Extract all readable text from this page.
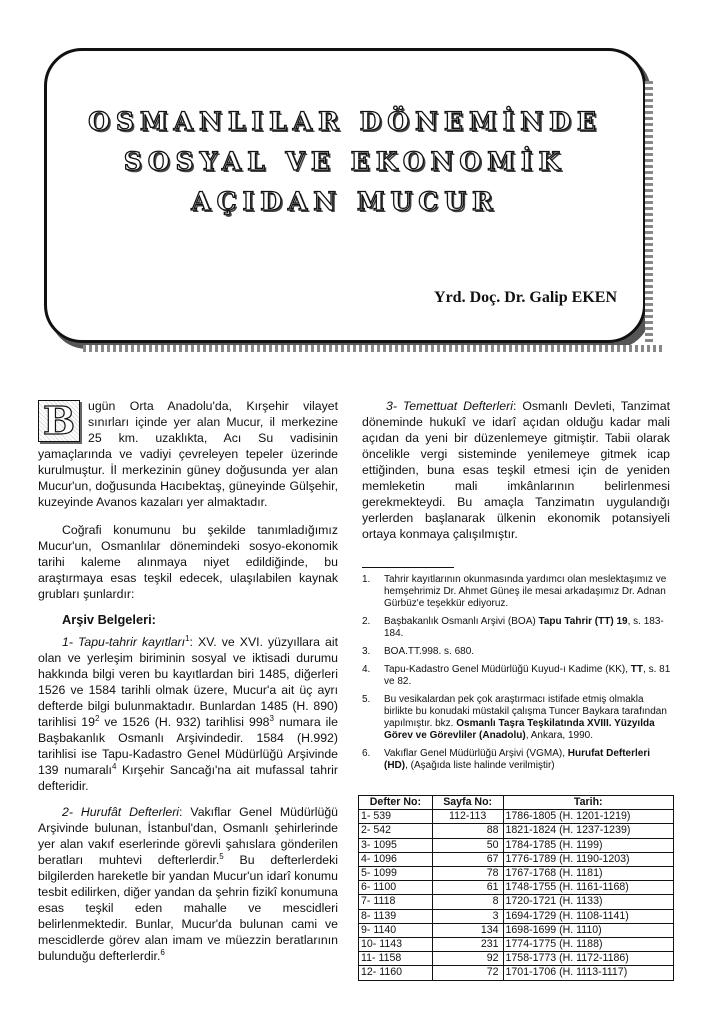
OSMANLILAR DÖNEMİNDE
SOSYAL VE EKONOMİK
AÇIDAN MUCUR
Yrd. Doç. Dr. Galip EKEN

B	ugün Orta Anadolu'da, Kırşehir vilayet sınırları içinde yer alan Mucur, il merkezine 25 km. uzaklıkta, Acı Su vadisinin yamaçlarında ve vadiyi çevreleyen tepeler üzerinde kurulmuştur. İl merkezinin güney doğusunda yer alan Mucur'un, doğusunda Hacıbektaş, güneyinde Gülşehir, kuzeyinde Avanos kazaları yer almaktadır.

Coğrafi konumunu bu şekilde tanımladığımız Mucur'un, Osmanlılar dönemindeki sosyo-ekonomik tarihi kaleme alınmaya niyet edildiğinde, bu araştırmaya esas teşkil edecek, ulaşılabilen kaynak grubları şunlardır:

Arşiv Belgeleri:

1- Tapu-tahrir kayıtları$^1$: XV. ve XVI. yüzyıllara ait olan ve yerleşim biriminin sosyal ve iktisadi durumu hakkında bilgi veren bu kayıtlardan biri 1485, diğerleri 1526 ve 1584 tarihli olmak üzere, Mucur'a ait üç ayrı defterde bilgi bulunmaktadır. Bunlardan 1485 (H. 890) tarihlisi $19^2$ ve 1526 (H. 932) tarihlisi $998^3$ numara ile Başbakanlık Osmanlı Arşivindedir. 1584 (H.992) tarihlisi ise Tapu-Kadastro Genel Müdürlüğü Arşivinde 139 numaralı$^4$ Kırşehir Sancağı'na ait mufassal tahrir defteridir.

2- Hurufât Defterleri: Vakıflar Genel Müdürlüğü Arşivinde bulunan, İstanbul'dan, Osmanlı şehirlerinde yer alan vakıf eserlerinde görevli şahıslara gönderilen beratları muhtevi defterlerdir.$^5$ Bu defterlerdeki bilgilerden hareketle bir yandan Mucur'un idarî konumu tesbit edilirken, diğer yandan da şehrin fizikî konumuna esas teşkil eden mahalle ve mescidleri belirlenmektedir. Bunlar, Mucur'da bulunan cami ve mescidlerde görev alan imam ve müezzin beratlarının bulunduğu defterlerdir.$^6$

3- Temettuat Defterleri: Osmanlı Devleti, Tanzimat döneminde hukukî ve idarî açıdan olduğu kadar mali açıdan da yeni bir düzenlemeye gitmiştir. Tabii olarak öncelikle vergi sisteminde yenilemeye gitmek icap ettiğinden, buna esas teşkil etmesi için de yeniden memleketin mali imkânlarının belirlenmesi gerekmekteydi. Bu amaçla Tanzimatın uygulandığı yerlerden başlanarak ülkenin ekonomik potansiyeli ortaya konmaya çalışılmıştır.

1.	Tahrir kayıtlarının okunmasında yardımcı olan meslektaşımız ve hemşehrimiz Dr. Ahmet Güneş ile mesai arkadaşımız Dr. Adnan Gürbüz'e teşekkür ediyoruz.
2.	Başbakanlık Osmanlı Arşivi (BOA) Tapu Tahrir (TT) 19, s. 183-184.
3.	BOA.TT.998. s. 680.
4.	Tapu-Kadastro Genel Müdürlüğü Kuyud-ı Kadime (KK), TT, s. 81 ve 82.
5.	Bu vesikalardan pek çok araştırmacı istifade etmiş olmakla birlikte bu konudaki müstakil çalışma Tuncer Baykara tarafından yapılmıştır. bkz. Osmanlı Taşra Teşkilatında XVIII. Yüzyılda Görev ve Görevliler (Anadolu), Ankara, 1990.
6.	Vakıflar Genel Müdürlüğü Arşivi (VGMA), Hurufat Defterleri (HD), (Aşağıda liste halinde verilmiştir)
Defter No:	Sayfa No:	Tarih:
1- 539	112-113	1786-1805 (H. 1201-1219)
2- 542	88	1821-1824 (H. 1237-1239)
3- 1095	50	1784-1785 (H. 1199)
4- 1096	67	1776-1789 (H. 1190-1203)
5- 1099	78	1767-1768 (H. 1181)
6- 1100	61	1748-1755 (H. 1161-1168)
7- 1118	8	1720-1721 (H. 1133)
8- 1139	3	1694-1729 (H. 1108-1141)
9- 1140	134	1698-1699 (H. 1110)
10- 1143	231	1774-1775 (H. 1188)
11- 1158	92	1758-1773 (H. 1172-1186)
12- 1160	72	1701-1706 (H. 1113-1117)
